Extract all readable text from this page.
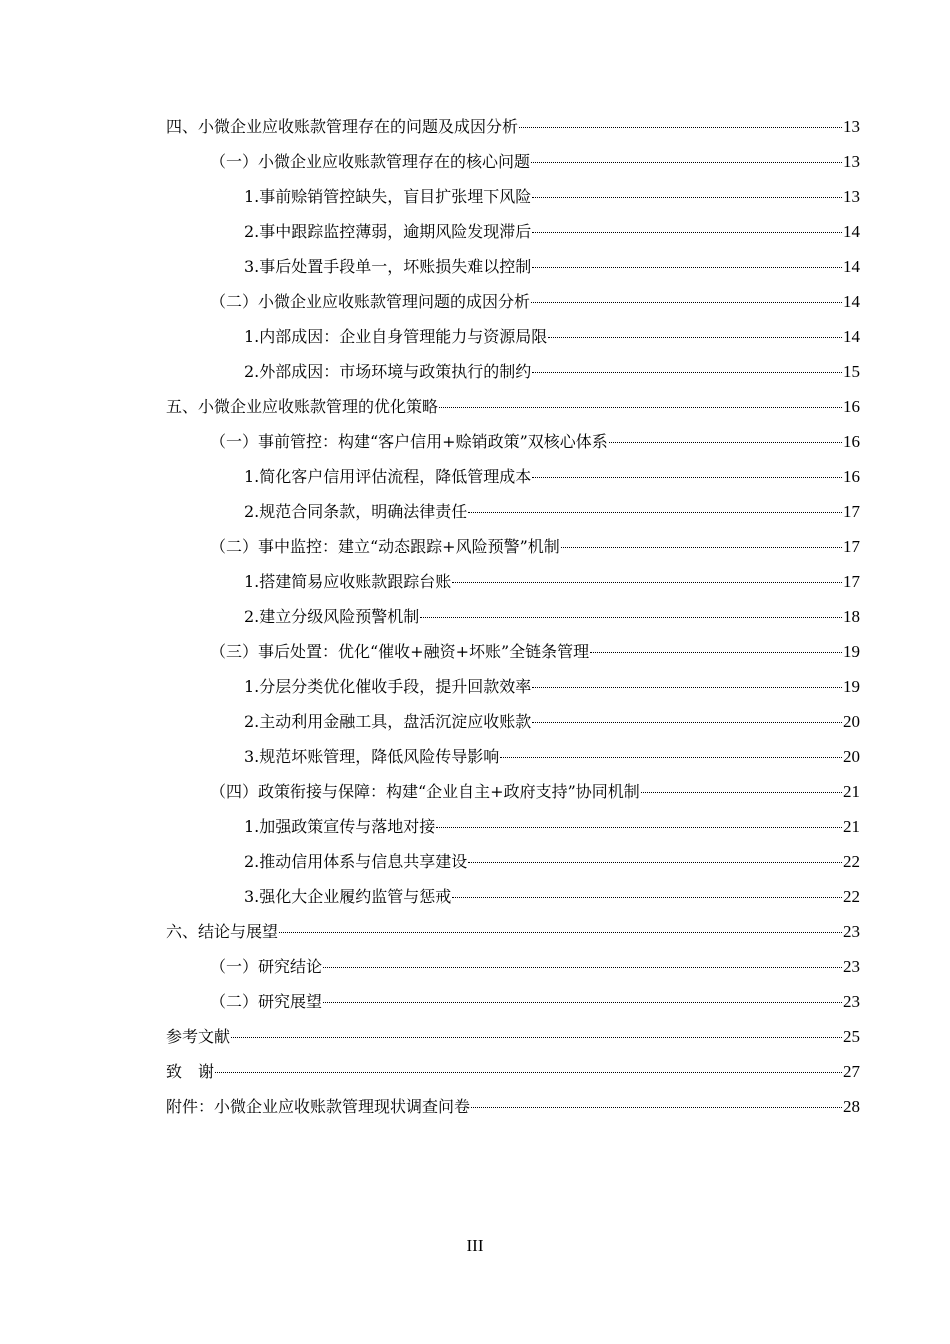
四、小微企业应收账款管理存在的问题及成因分析	13
（一）小微企业应收账款管理存在的核心问题	13
1.事前赊销管控缺失，盲目扩张埋下风险	13
2.事中跟踪监控薄弱，逾期风险发现滞后	14
3.事后处置手段单一，坏账损失难以控制	14
（二）小微企业应收账款管理问题的成因分析	14
1.内部成因：企业自身管理能力与资源局限	14
2.外部成因：市场环境与政策执行的制约	15
五、小微企业应收账款管理的优化策略	16
（一）事前管控：构建“客户信用+赊销政策”双核心体系	16
1.简化客户信用评估流程，降低管理成本	16
2.规范合同条款，明确法律责任	17
（二）事中监控：建立“动态跟踪+风险预警”机制	17
1.搭建简易应收账款跟踪台账	17
2.建立分级风险预警机制	18
（三）事后处置：优化“催收+融资+坏账”全链条管理	19
1.分层分类优化催收手段，提升回款效率	19
2.主动利用金融工具，盘活沉淀应收账款	20
3.规范坏账管理，降低风险传导影响	20
（四）政策衔接与保障：构建“企业自主+政府支持”协同机制	21
1.加强政策宣传与落地对接	21
2.推动信用体系与信息共享建设	22
3.强化大企业履约监管与惩戒	22
六、结论与展望	23
（一）研究结论	23
（二）研究展望	23
参考文献	25
致　谢	27
附件：小微企业应收账款管理现状调查问卷	28
III
